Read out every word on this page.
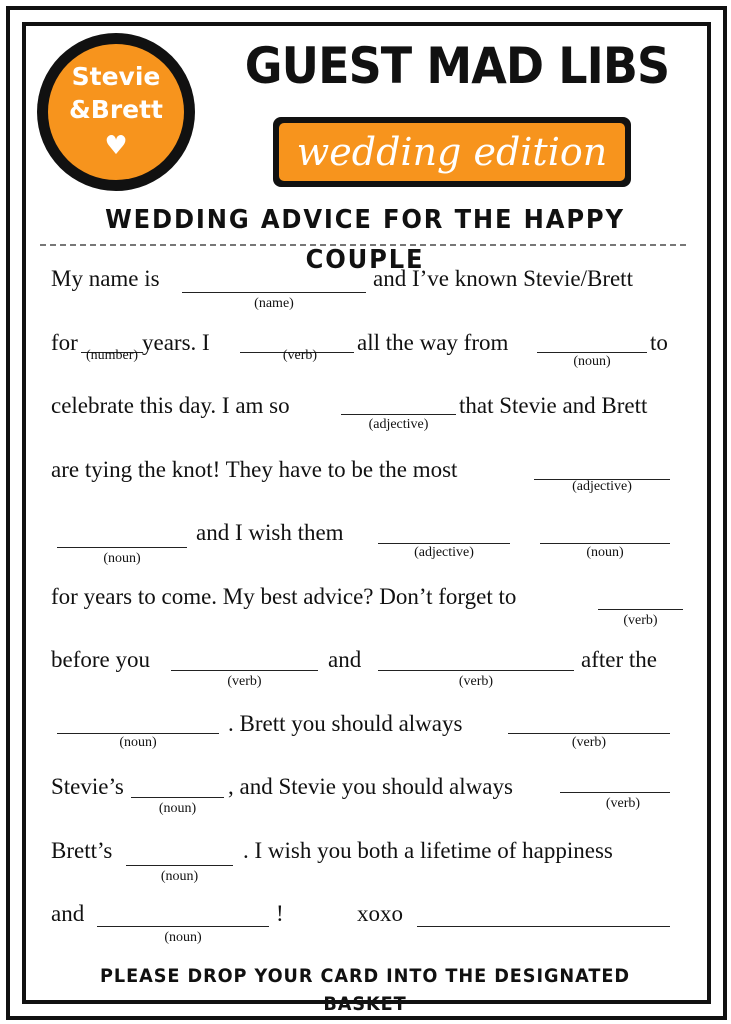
Stevie
&Brett
♥
GUEST MAD LIBS
wedding edition
WEDDING ADVICE FOR THE HAPPY COUPLE
My name is
(name)
and I’ve known Stevie/Brett
for
(number)
years. I
(verb)
all the way from
(noun)
to
celebrate this day. I am so
(adjective)
that Stevie and Brett
are tying the knot! They have to be the most
(adjective)
(noun)
and I wish them
(adjective)	(noun)
for years to come. My best advice? Don’t forget to
(verb)
before you
(verb)
and
(verb)
after the
(noun)
. Brett you should always
(verb)
Stevie’s
(noun)
, and Stevie you should always
(verb)
Brett’s
(noun)
. I wish you both a lifetime of happiness
and
(noun)
!	xoxo
PLEASE DROP YOUR CARD INTO THE DESIGNATED BASKET
